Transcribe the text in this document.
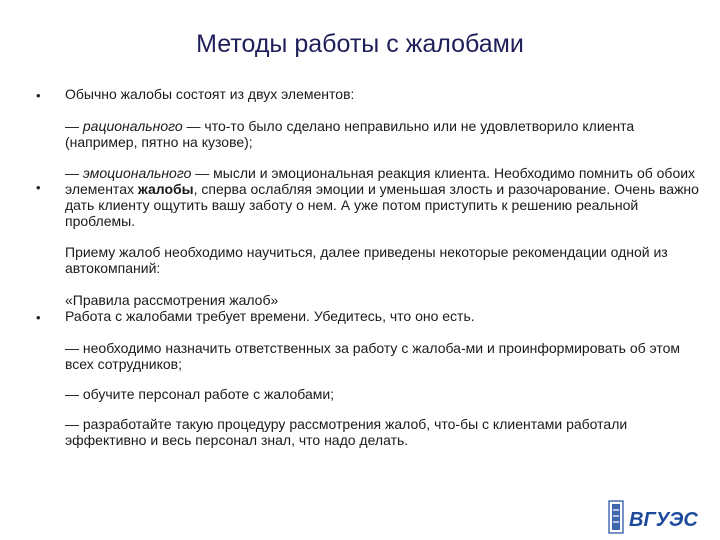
Методы работы с жалобами
•
•
•
Обычно жалобы состоят из двух элементов:
— рационального — что-то было сделано неправильно или не удовлетворило клиента (например, пятно на кузове);
— эмоционального — мысли и эмоциональная реакция клиента. Необходимо помнить об обоих элементах жалобы, сперва ослабляя эмоции и уменьшая злость и разочарование. Очень важно дать клиенту ощутить вашу заботу о нем. А уже потом приступить к решению реальной проблемы.
Приему жалоб необходимо научиться, далее приведены некоторые рекомендации одной из автокомпаний:
«Правила рассмотрения жалоб»
Работа с жалобами требует времени. Убедитесь, что оно есть.
— необходимо назначить ответственных за работу с жалоба-ми и проинформировать об этом всех сотрудников;
— обучите персонал работе с жалобами;
— разработайте такую процедуру рассмотрения жалоб, что-бы с клиентами работали эффективно и весь персонал знал, что надо делать.
ВГУЭС
